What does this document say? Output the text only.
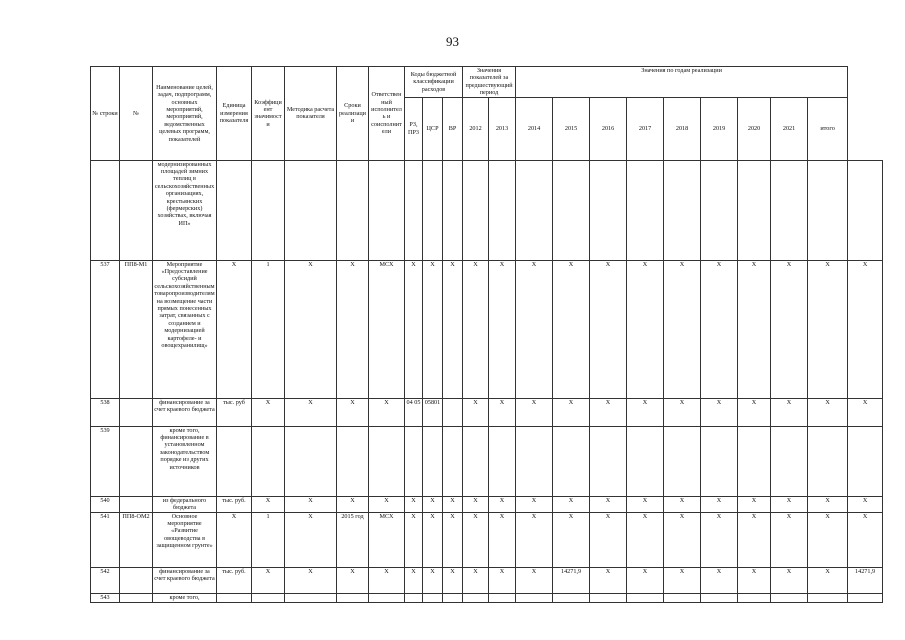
93
№ строки	№	Наименование целей, задач, подпрограмм, основных мероприятий, мероприятий, ведомственных целевых программ, показателей	Единица измерения показателя	Коэффициент значимости	Методика расчета показателя	Сроки реализации	Ответственный исполнитель и соисполнители	Коды бюджетной классификации расходов			Значения показателей за предшествующий период		Значения по годам реализации									
								РЗ, ПР3	ЦСР	ВР	2012	2013	2014	2015	2016	2017	2018	2019	2020	2021	итого	
		модернизированных площадей зимних теплиц в сельскохозяйственных организациях, крестьянских (фермерских) хозяйствах, включая ИП»																				
537	ПП8-М1	Мероприятие «Предоставление субсидий сельскохозяйственным товаропроизводителям на возмещение части прямых понесенных затрат, связанных с созданием и модернизацией картофеле- и овощехранилищ»	X	1	X	X	МСХ	X	X	X	X	X	X	X	X	X	X	X	X	X	X	X
538		финансирование за счет краевого бюджета	тыс. руб	X	X	X	X	04 05	05801		X	X	X	X	X	X	X	X	X	X	X	X
539		кроме того, финансирование в установленном законодательством порядке из других источников																				
540		из федерального бюджета	тыс. руб.	X	X	X	X	X	X	X	X	X	X	X	X	X	X	X	X	X	X	X
541	ПП8-ОМ2	Основное мероприятие «Развитие овощеводства в защищенном грунте»	X	1	X	2015 год	МСХ	X	X	X	X	X	X	X	X	X	X	X	X	X	X	X
542		финансирование за счет краевого бюджета	тыс. руб.	X	X	X	X	X	X	X	X	X	X	14271,9	X	X	X	X	X	X	X	14271,9
543		кроме того,																				
